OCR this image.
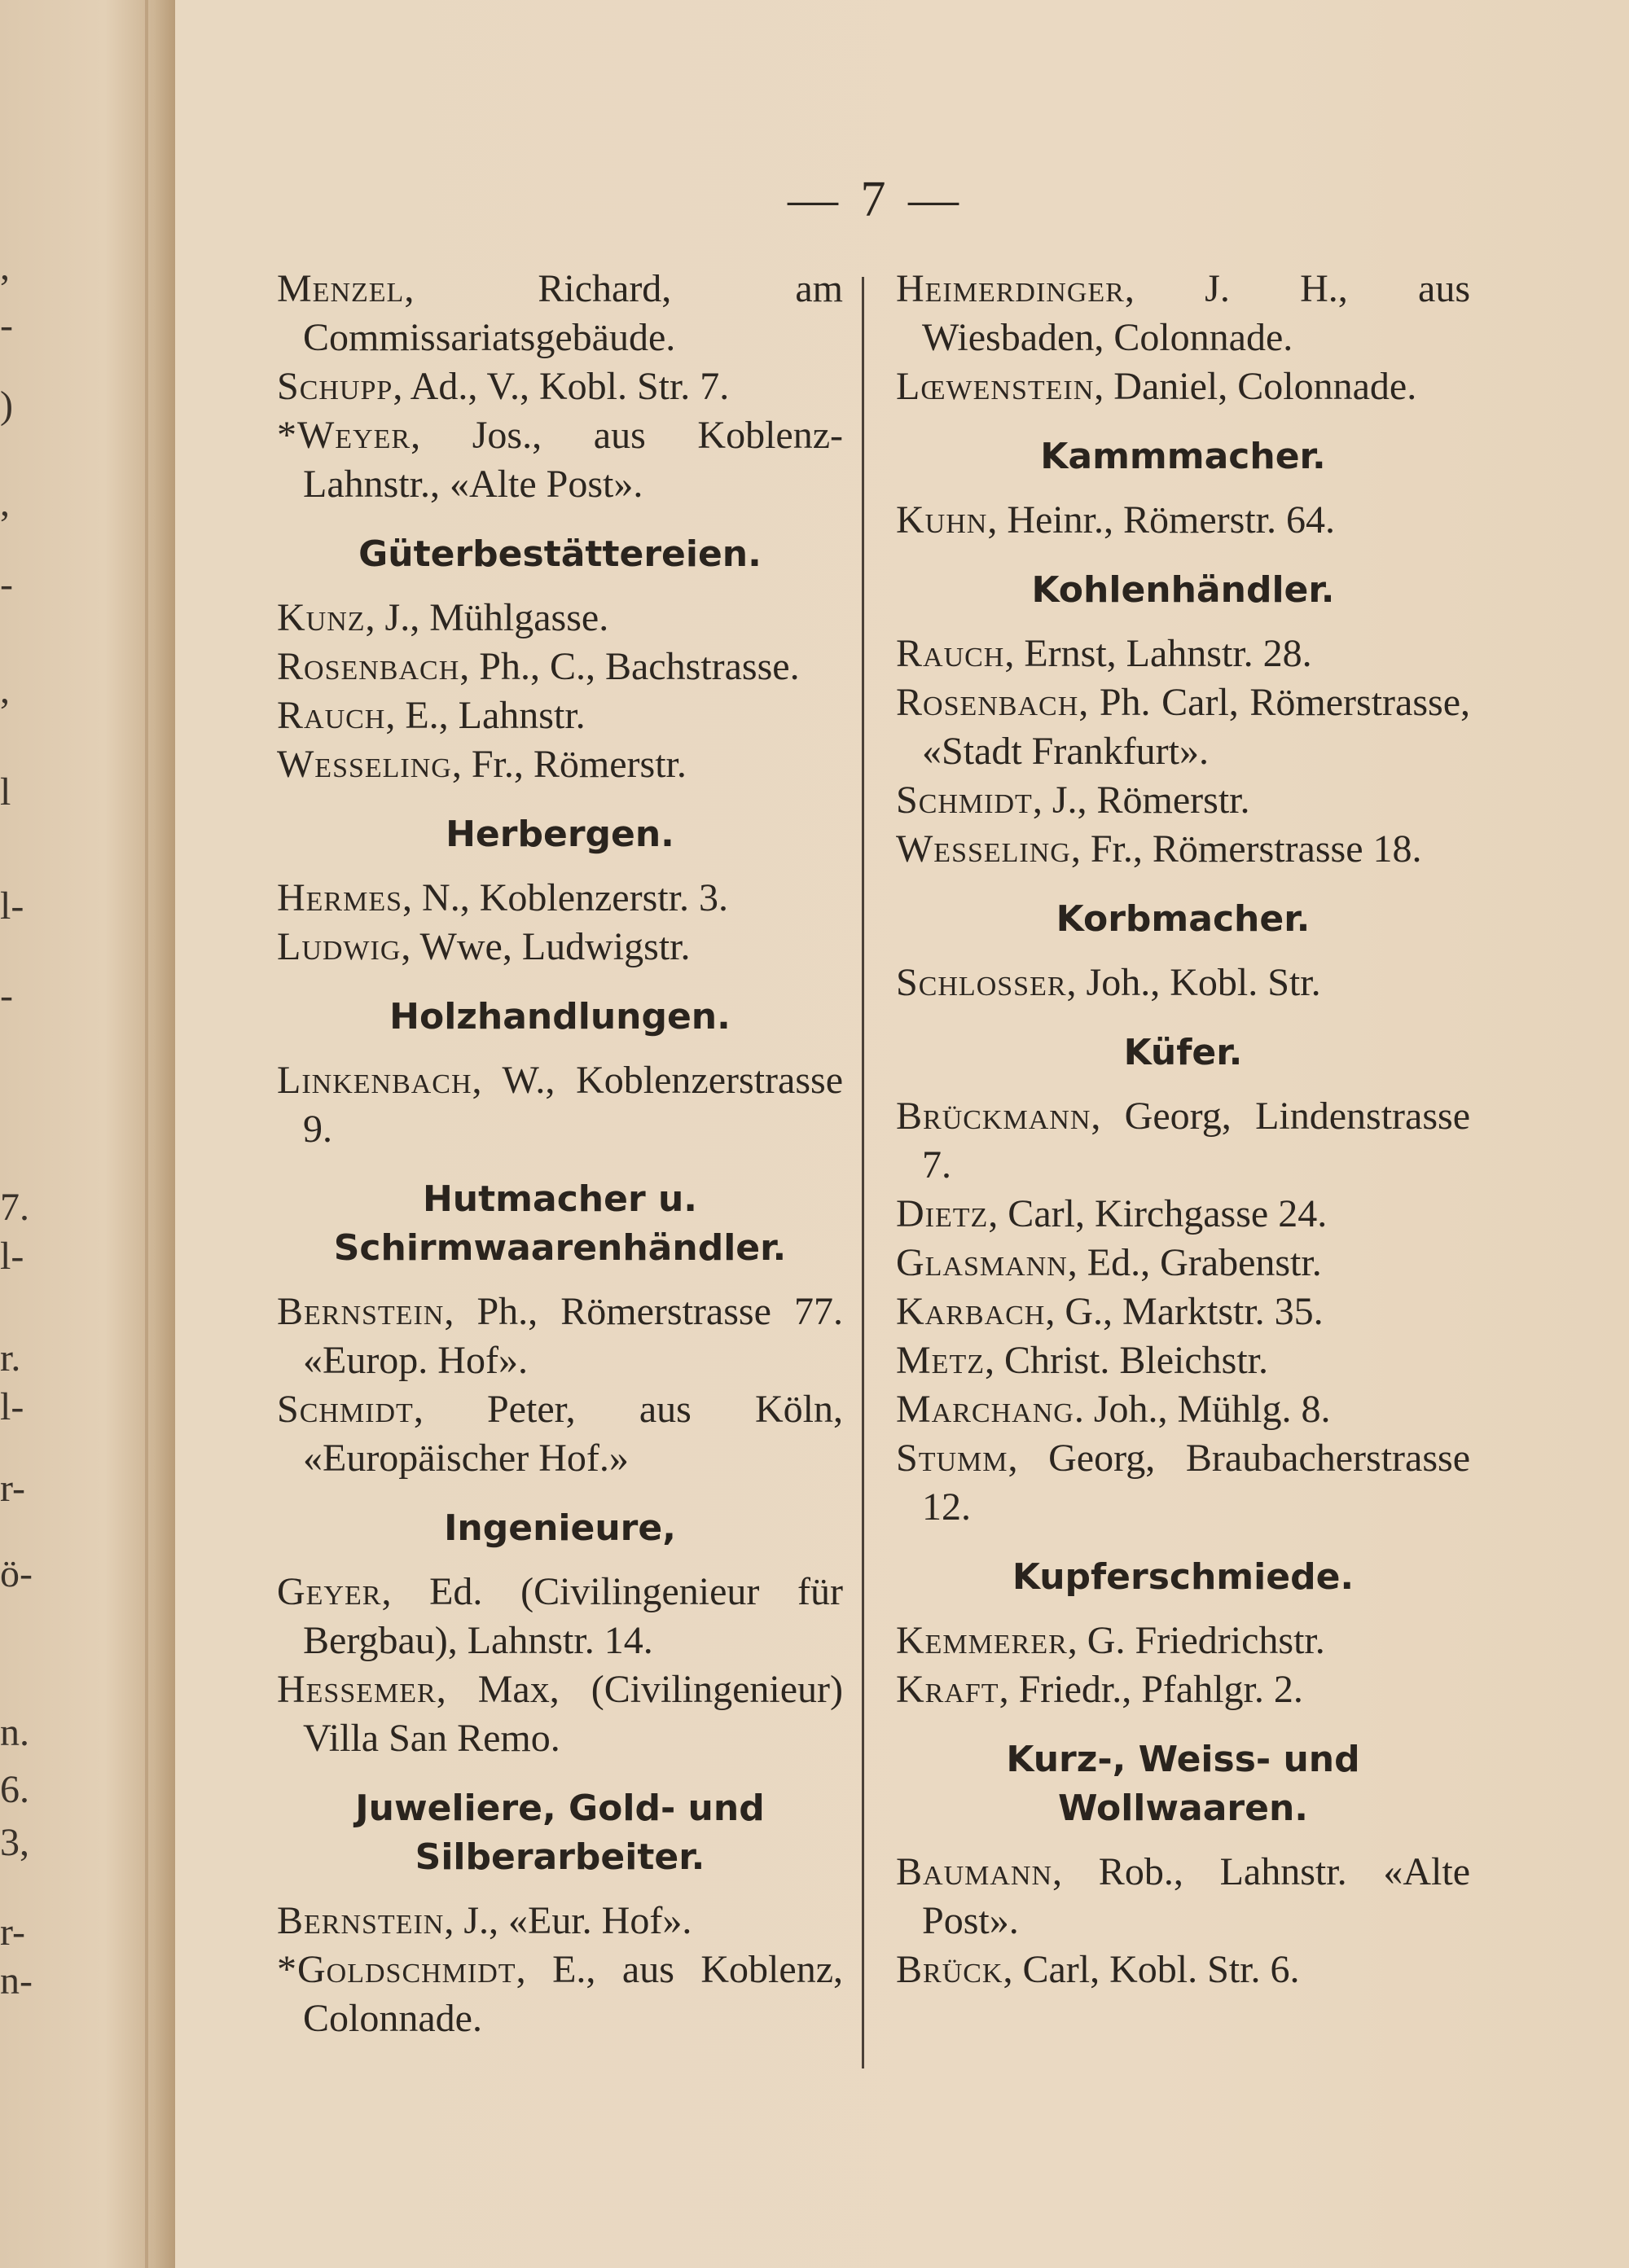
,
-
)
,
-
,
l
l-
-
7.
l-
r.
l-
r-
ö-
n.
6.
3,
r-
n-
— 7 —
Menzel, Richard, am Commissariatsgebäude.
Schupp, Ad., V., Kobl. Str. 7.
*Weyer, Jos., aus Koblenz-Lahnstr., «Alte Post».
Güterbestättereien.
Kunz, J., Mühlgasse.
Rosenbach, Ph., C., Bachstrasse.
Rauch, E., Lahnstr.
Wesseling, Fr., Römerstr.
Herbergen.
Hermes, N., Koblenzerstr. 3.
Ludwig, Wwe, Ludwigstr.
Holzhandlungen.
Linkenbach, W., Koblenzerstrasse 9.
Hutmacher u. Schirmwaarenhändler.
Bernstein, Ph., Römerstrasse 77. «Europ. Hof».
Schmidt, Peter, aus Köln, «Europäischer Hof.»
Ingenieure,
Geyer, Ed. (Civilingenieur für Bergbau), Lahnstr. 14.
Hessemer, Max, (Civilingenieur) Villa San Remo.
Juweliere, Gold- und Silberarbeiter.
Bernstein, J., «Eur. Hof».
*Goldschmidt, E., aus Koblenz, Colonnade.
Heimerdinger, J. H., aus Wiesbaden, Colonnade.
Lœwenstein, Daniel, Colonnade.
Kammmacher.
Kuhn, Heinr., Römerstr. 64.
Kohlenhändler.
Rauch, Ernst, Lahnstr. 28.
Rosenbach, Ph. Carl, Römerstrasse, «Stadt Frankfurt».
Schmidt, J., Römerstr.
Wesseling, Fr., Römerstrasse 18.
Korbmacher.
Schlosser, Joh., Kobl. Str.
Küfer.
Brückmann, Georg, Lindenstrasse 7.
Dietz, Carl, Kirchgasse 24.
Glasmann, Ed., Grabenstr.
Karbach, G., Marktstr. 35.
Metz, Christ. Bleichstr.
Marchang. Joh., Mühlg. 8.
Stumm, Georg, Braubacherstrasse 12.
Kupferschmiede.
Kemmerer, G. Friedrichstr.
Kraft, Friedr., Pfahlgr. 2.
Kurz-, Weiss- und Wollwaaren.
Baumann, Rob., Lahnstr. «Alte Post».
Brück, Carl, Kobl. Str. 6.
